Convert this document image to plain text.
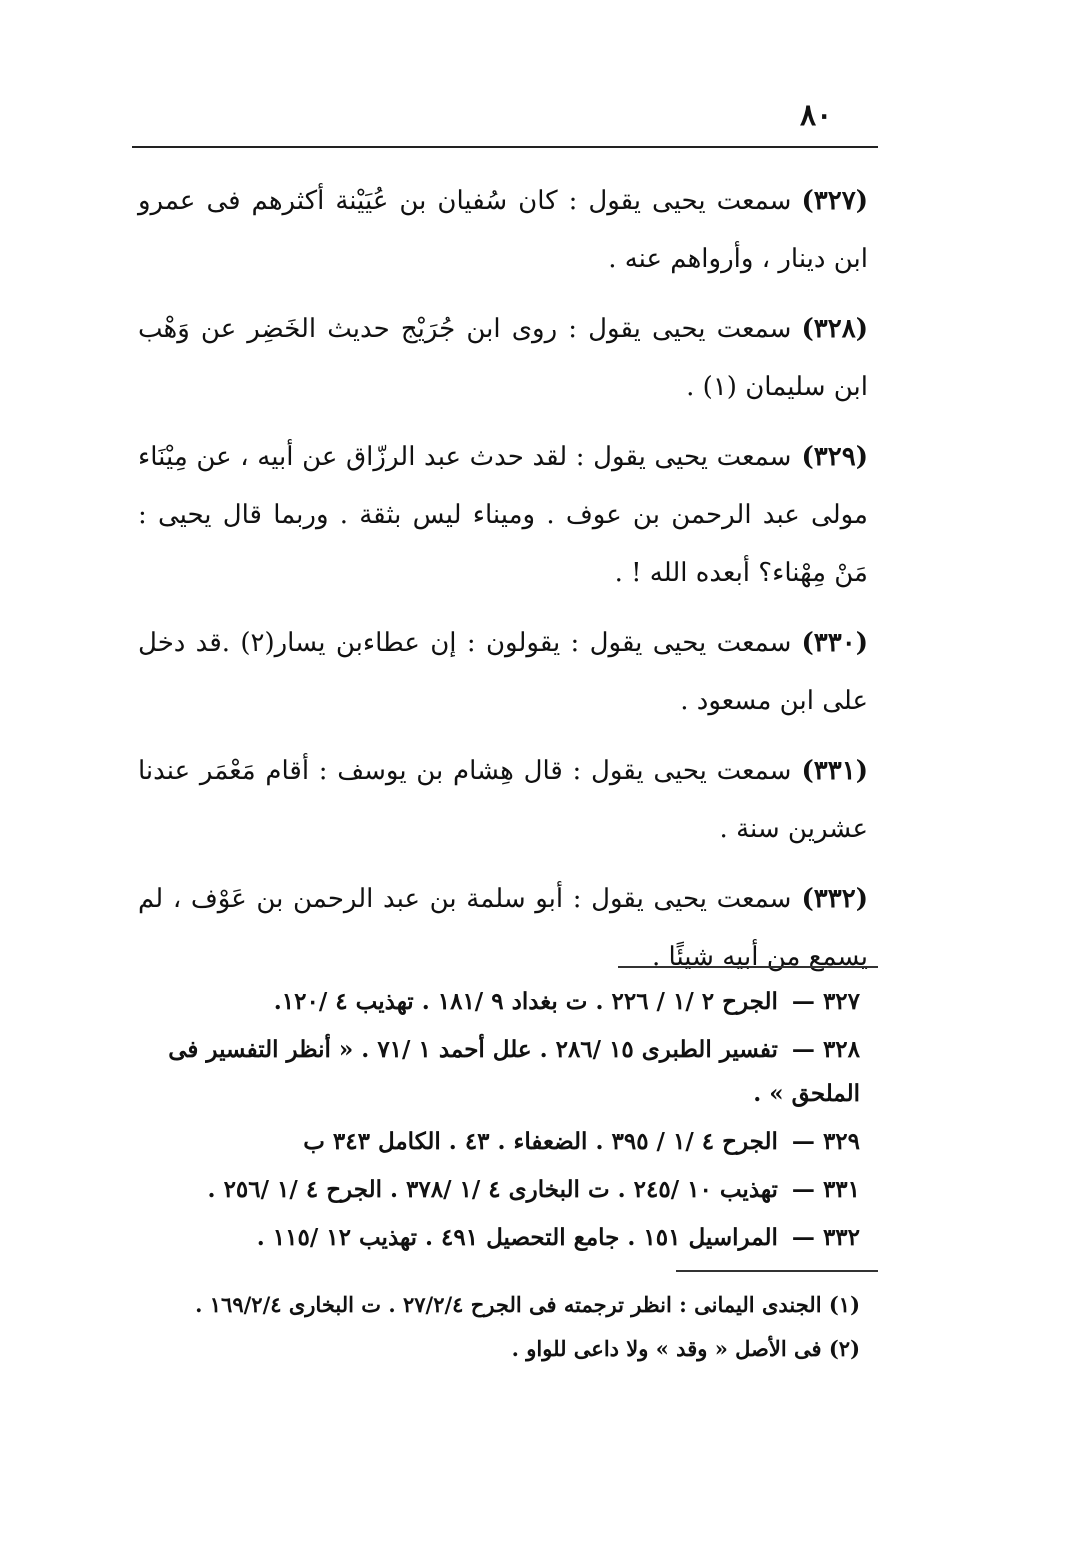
٨٠

(٣٢٧)سمعت يحيى يقول : كان سُفيان بن عُيَيْنة أكثرهم فى عمرو ابن دينار ، وأرواهم عنه .

(٣٢٨)سمعت يحيى يقول : روى ابن جُرَيْج حديث الخَضِر عن وَهْب ابن سليمان (١) .

(٣٢٩)سمعت يحيى يقول : لقد حدث عبد الرزّاق عن أبيه ، عن مِيْنَاء مولى عبد الرحمن بن عوف . وميناء ليس بثقة . وربما قال يحيى : مَنْ مِهْناء؟ أبعده الله ! .

(٣٣٠)سمعت يحيى يقول : يقولون : إن عطاءبن يسار(٢) .قد دخل على ابن مسعود .

(٣٣١)سمعت يحيى يقول : قال هِشام بن يوسف : أقام مَعْمَر عندنا عشرين سنة .

(٣٣٢)سمعت يحيى يقول : أبو سلمة بن عبد الرحمن بن عَوْف ، لم يسمع من أبيه شيئًا .

٣٢٧ — الجرح ٢ /١ / ٢٢٦ . ت بغداد ٩ /١٨١ . تهذيب ٤ /١٢٠.

٣٢٨ — تفسير الطبرى ١٥ /٢٨٦ . علل أحمد ١ /٧١ . « أنظر التفسير فى الملحق » .

٣٢٩ — الجرح ٤ /١ / ٣٩٥ . الضعفاء . ٤٣ . الكامل ٣٤٣ ب

٣٣١ — تهذيب ١٠ /٢٤٥ . ت البخارى ٤ /١ /٣٧٨ . الجرح ٤ /١ /٢٥٦ .

٣٣٢ — المراسيل ١٥١ . جامع التحصيل ٤٩١ . تهذيب ١٢ /١١٥ .

(١) الجندى اليمانى : انظر ترجمته فى الجرح ٢٧/٢/٤ . ت البخارى ١٦٩/٢/٤ .

(٢) فى الأصل « وقد » ولا داعى للواو .
